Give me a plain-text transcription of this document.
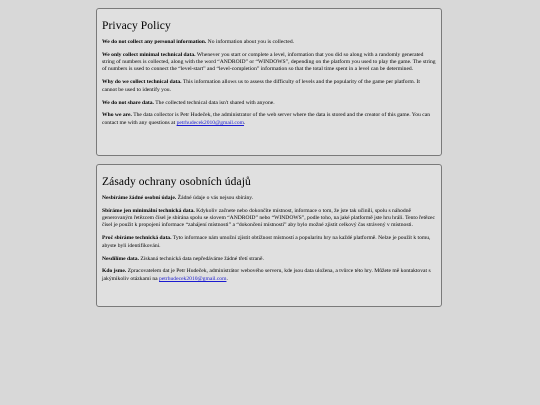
Privacy Policy

We do not collect any personal information. No information about you is collected.

We only collect minimal technical data. Whenever you start or complete a level, information that you did so along with a randomly generated string of numbers is collected, along with the word “ANDROID” or “WINDOWS”, depending on the platform you used to play the game. The string of numbers is used to connect the “level-start” and “level-completion” information so that the total time spent in a level can be determined.

Why do we collect technical data. This information allows us to assess the difficulty of levels and the popularity of the game per platform. It cannot be used to identify you.

We do not share data. The collected technical data isn't shared with anyone.

Who we are. The data collector is Petr Hudeček, the administrator of the web server where the data is stored and the creator of this game. You can contact me with any questions at petrhudecek2010@gmail.com.

Zásady ochrany osobních údajů

Nesbíráme žádné osobní údaje. Žádné údaje o vás nejsou sbírány.

Sbíráme jen minimální technická data. Kdykoliv začnete nebo dokončíte místnost, informace o tom, že jste tak učinili, spolu s náhodně generovaným řetězcem čísel je sbírána spolu se slovem “ANDROID” nebo “WINDOWS”, podle toho, na jaké platformě jste hru hráli. Tento řetězec čísel je použit k propojení informace “zahájení místnosti” a “dokončení místnosti” aby bylo možné zjistit celkový čas strávený v místnosti.

Proč sbíráme technická data. Tyto informace nám umožní zjistit obtížnost místností a popularitu hry na každé platformě. Nelze je použít k tomu, abyste byli identifikováni.

Nesdílíme data. Získaná technická data nepředáváme žádné třetí straně.

Kdo jsme. Zpracovatelem dat je Petr Hudeček, administrátor webového serveru, kde jsou data uložena, a tvůrce této hry. Můžete mě kontaktovat s jakýmikoliv otázkami na petrhudecek2010@gmail.com.
